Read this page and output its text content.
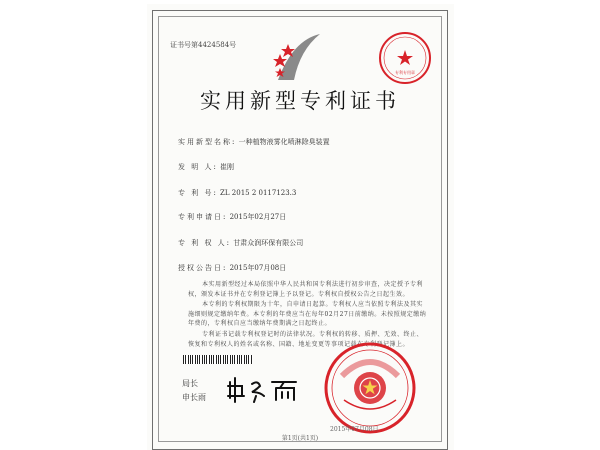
证书号第4424584号
专利专用章
实用新型专利证书
实用新型名称: 一种植物液雾化喷淋除臭装置
发 明 人: 崔刚
专 利 号: ZL 2015 2 0117123.3
专利申请日: 2015年02月27日
专 利 权 人: 甘肃众润环保有限公司
授权公告日: 2015年07月08日
本实用新型经过本局依照中华人民共和国专利法进行初步审查，决定授予专利权，颁发本证书并在专利登记簿上予以登记。专利权自授权公告之日起生效。
本专利的专利权期限为十年，自申请日起算。专利权人应当依照专利法及其实施细则规定缴纳年费。本专利的年费应当在每年02月27日前缴纳。未按照规定缴纳年费的，专利权自应当缴纳年费期满之日起终止。
专利证书记载专利权登记时的法律状况。专利权的转移、质押、无效、终止、恢复和专利权人的姓名或名称、国籍、地址变更等事项记载在专利登记簿上。
局长
申长雨
2015年07月08日
第1页(共1页)
